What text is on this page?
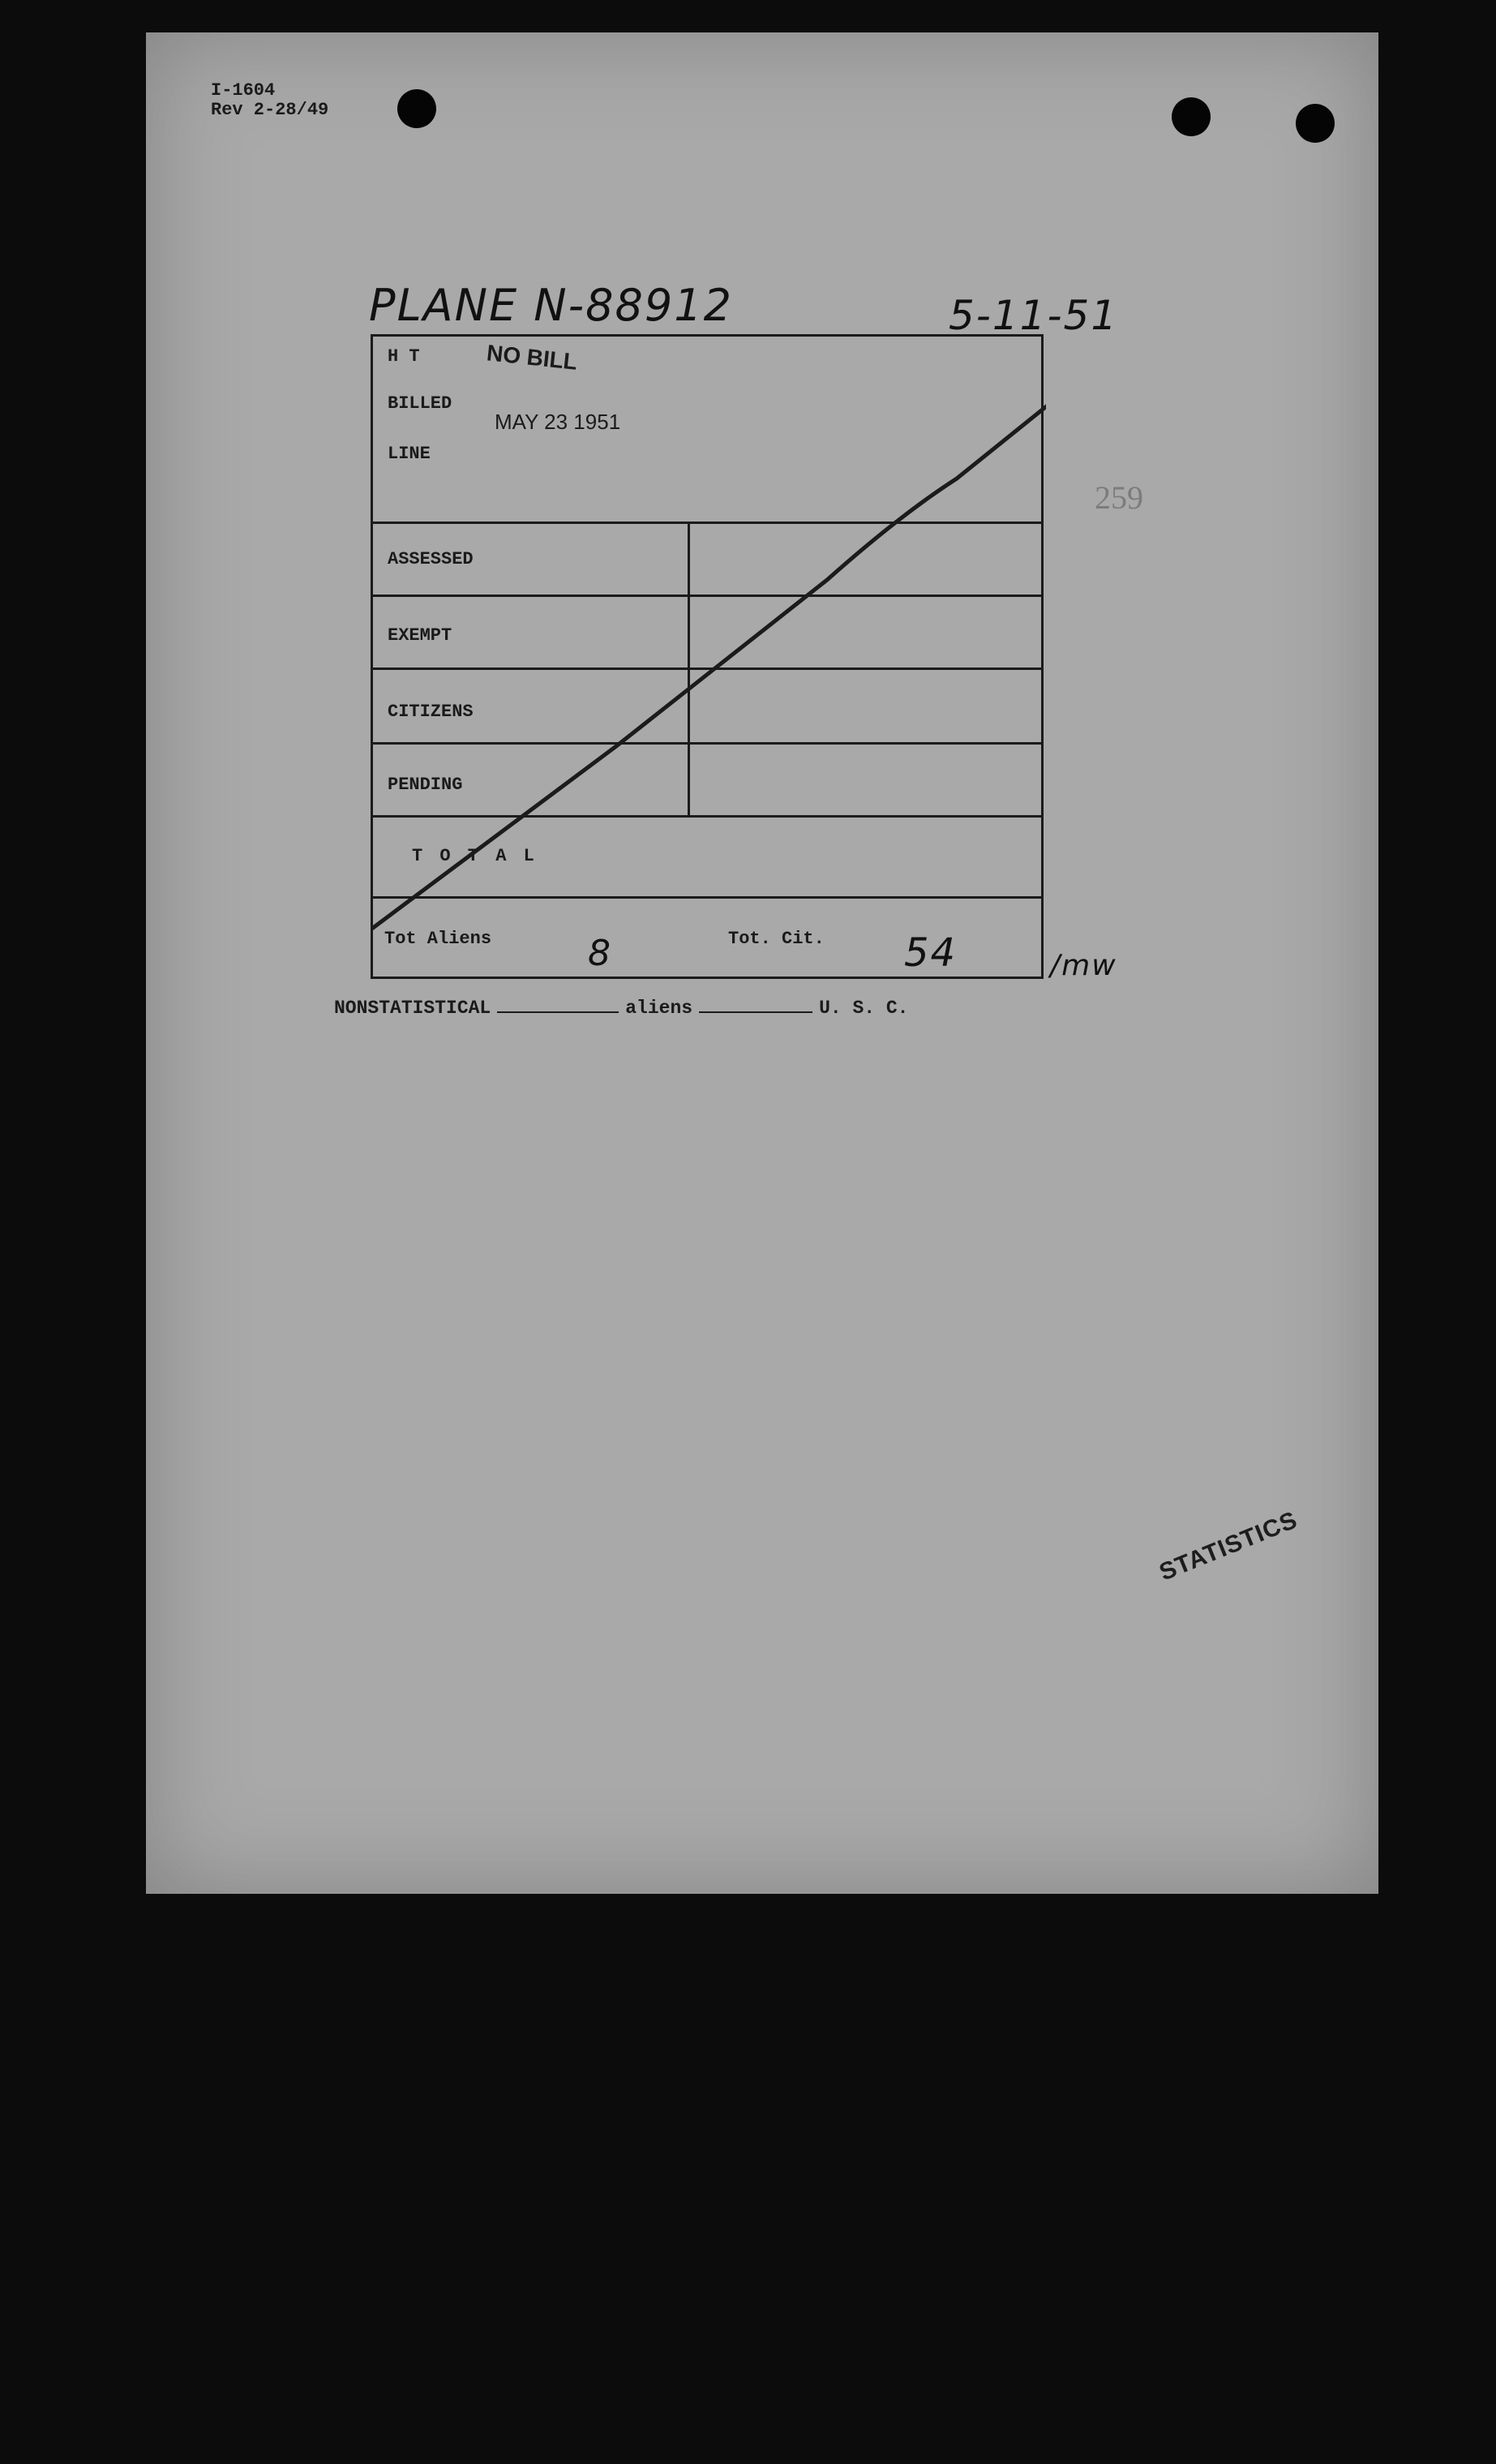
I-1604
Rev 2-28/49
PLANE N-88912	5-11-51
259
H T	NO BILL
BILLED
MAY 23 1951
LINE
ASSESSED
EXEMPT
CITIZENS
PENDING
T O T A L
Tot Aliens	8	Tot. Cit. 54	/mw
NONSTATISTICAL	aliens	U. S. C.
STATISTICS
